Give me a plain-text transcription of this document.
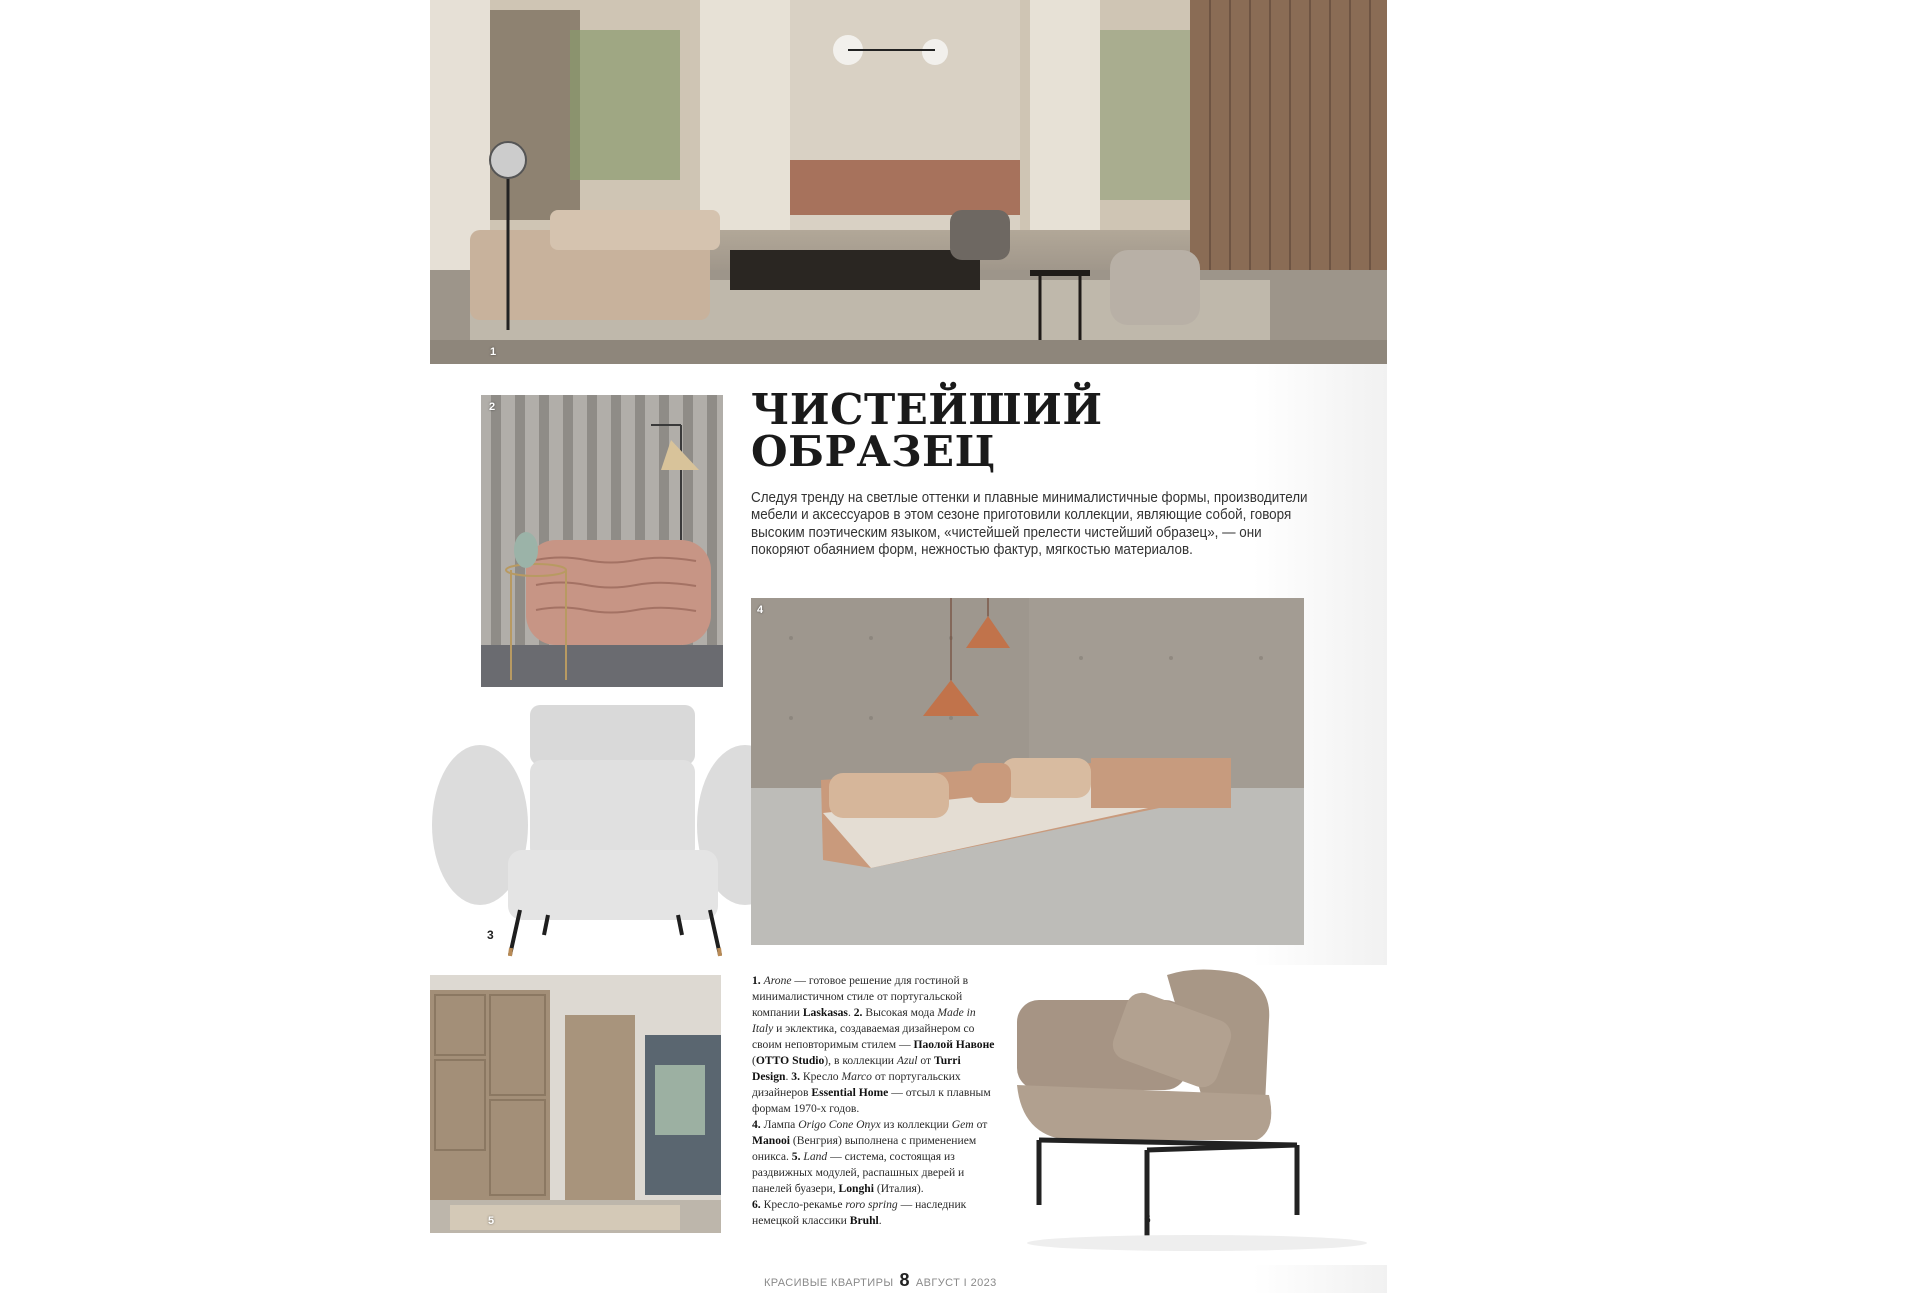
1
2
3
ЧИСТЕЙШИЙ
ОБРАЗЕЦ

Следуя тренду на светлые оттенки и плавные минималистичные формы, производители мебели и аксессуаров в этом сезоне приготовили коллекции, являющие собой, говоря высоким поэтическим языком, «чистейшей прелести чистейший образец», — они покоряют обаянием форм, нежностью фактур, мягкостью материалов.

4
5
1. Arone — готовое решение для гостиной в минималистичном стиле от португальской компании Laskasas. 2. Высокая мода Made in Italy и эклектика, создаваемая дизайнером со своим неповторимым стилем — Паолой Навоне (OTTO Studio), в коллекции Azul от Turri Design. 3. Кресло Marco от португальских дизайнеров Essential Home — отсыл к плавным формам 1970-х годов.
4. Лампа Origo Cone Onyx из коллекции Gem от Manooi (Венгрия) выполнена с применением оникса. 5. Land — система, состоящая из раздвижных модулей, распашных дверей и панелей буазери, Longhi (Италия).
6. Кресло-рекамье roro spring — наследник немецкой классики Bruhl.	6
КРАСИВЫЕ КВАРТИРЫ 8 АВГУСТ I 2023
